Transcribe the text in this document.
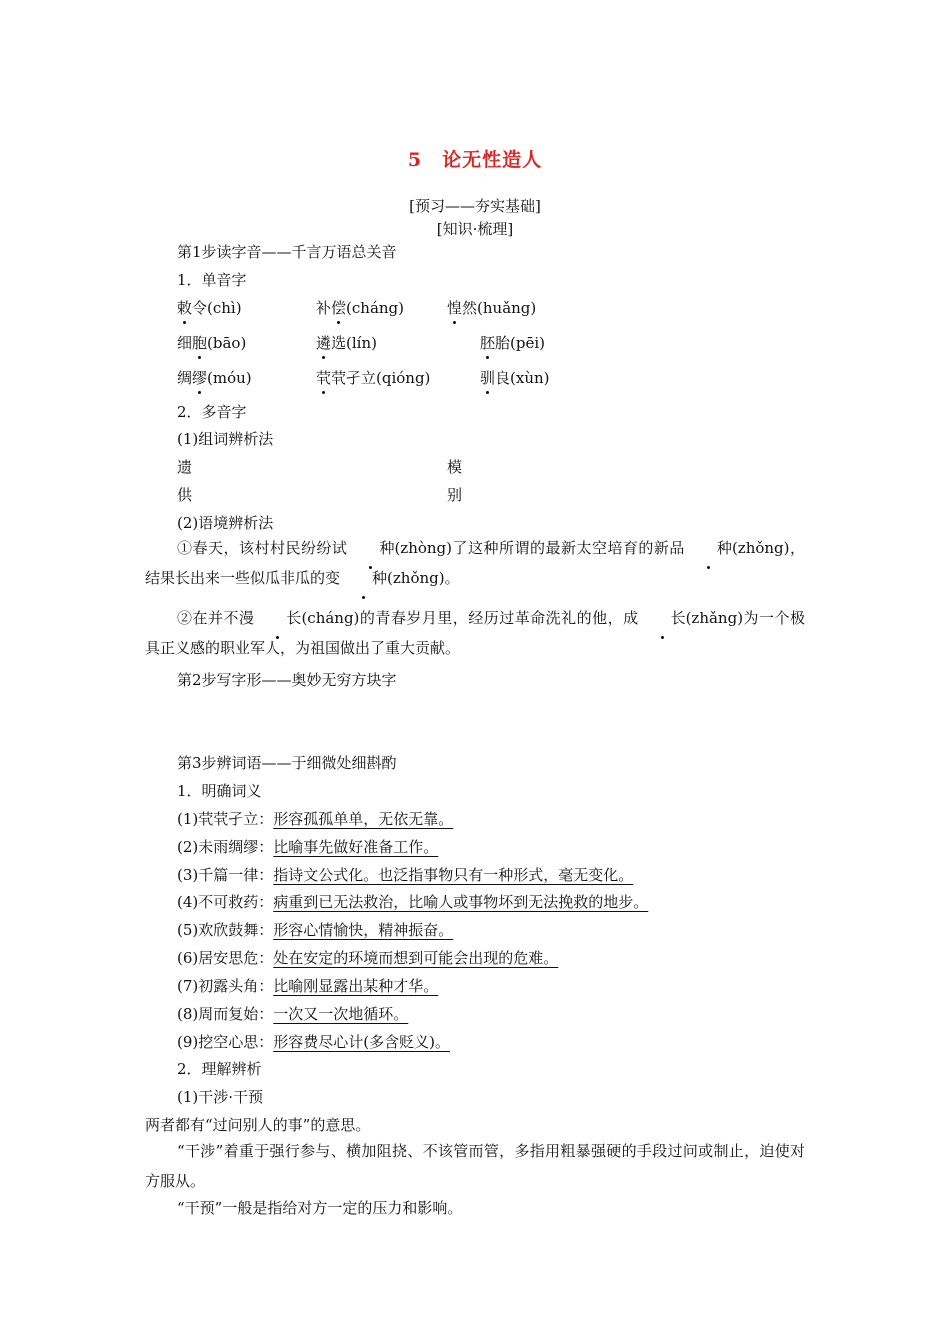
5　论无性造人
[预习——夯实基础]
[知识·梳理]
第1步读字音——千言万语总关音
1．单音字
敕令(chì)	补偿(cháng)	惶然(huǎng)
细胞(bāo)	遴选(lín)	胚胎(pēi)
绸缪(móu)	茕茕孑立(qióng)	驯良(xùn)
2．多音字
(1)组词辨析法
遗	模
供	别
(2)语境辨析法
①春天，该村村民纷纷试 种(zhòng)了这种所谓的最新太空培育的新品 种(zhǒng)，结果长出来一些似瓜非瓜的变 种(zhǒng)。
②在并不漫 长(cháng)的青春岁月里，经历过革命洗礼的他，成 长(zhǎng)为一个极具正义感的职业军人，为祖国做出了重大贡献。
第2步写字形——奥妙无穷方块字
第3步辨词语——于细微处细斟酌
1．明确词义
(1)茕茕孑立：形容孤孤单单，无依无靠。
(2)未雨绸缪：比喻事先做好准备工作。
(3)千篇一律：指诗文公式化。也泛指事物只有一种形式，毫无变化。
(4)不可救药：病重到已无法救治，比喻人或事物坏到无法挽救的地步。
(5)欢欣鼓舞：形容心情愉快，精神振奋。
(6)居安思危：处在安定的环境而想到可能会出现的危难。
(7)初露头角：比喻刚显露出某种才华。
(8)周而复始：一次又一次地循环。
(9)挖空心思：形容费尽心计(多含贬义)。
2．理解辨析
(1)干涉·干预
两者都有“过问别人的事”的意思。
“干涉”着重于强行参与、横加阻挠、不该管而管，多指用粗暴强硬的手段过问或制止，迫使对方服从。
“干预”一般是指给对方一定的压力和影响。
